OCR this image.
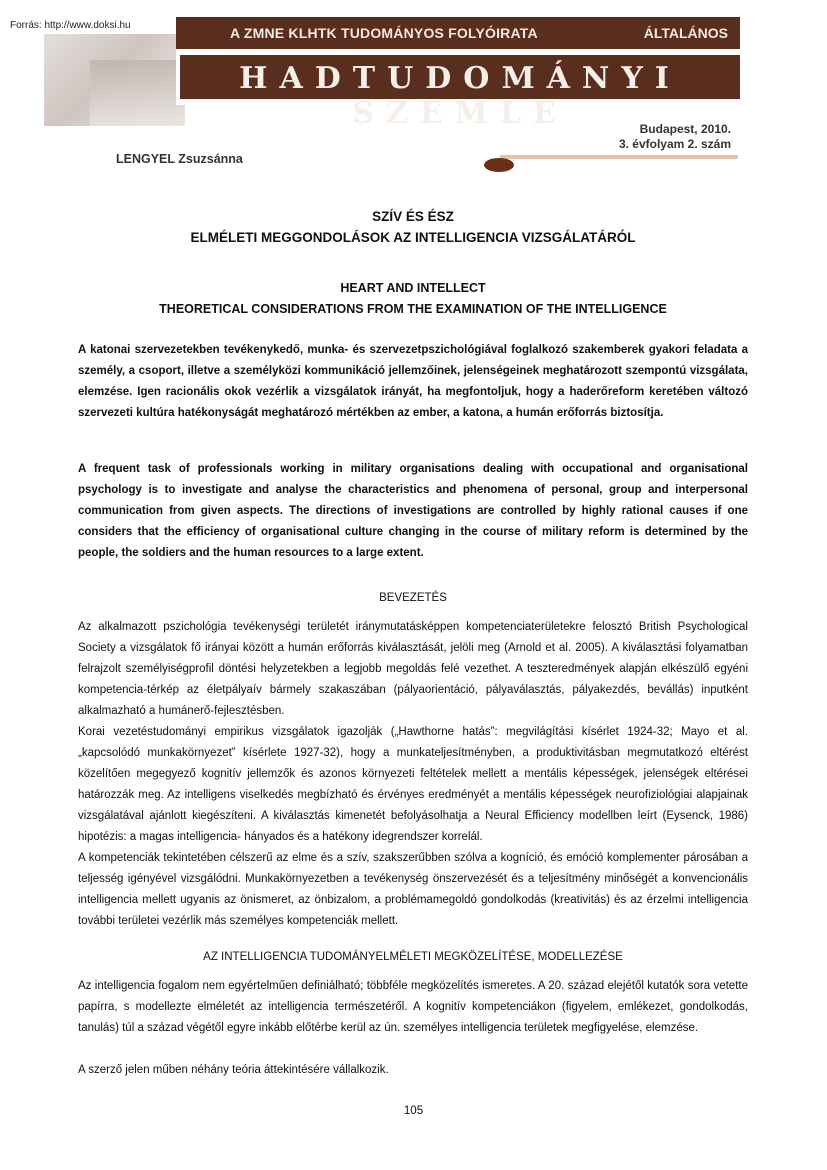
Forrás: http://www.doksi.hu	A ZMNE KLHTK TUDOMÁNYOS FOLYÓIRATA	ÁLTALÁNOS
HADTUDOMÁNYI SZEMLE	Budapest, 2010.
3. évfolyam 2. szám
LENGYEL Zsuzsánna
SZÍV ÉS ÉSZ
ELMÉLETI MEGGONDOLÁSOK AZ INTELLIGENCIA VIZSGÁLATÁRÓL
HEART AND INTELLECT
THEORETICAL CONSIDERATIONS FROM THE EXAMINATION OF THE INTELLIGENCE
A katonai szervezetekben tevékenykedő, munka- és szervezetpszichológiával foglalkozó szakemberek gyakori feladata a személy, a csoport, illetve a személyközi kommunikáció jellemzőinek, jelenségeinek meghatározott szempontú vizsgálata, elemzése. Igen racionális okok vezérlik a vizsgálatok irányát, ha megfontoljuk, hogy a haderőreform keretében változó szervezeti kultúra hatékonyságát meghatározó mértékben az ember, a katona, a humán erőforrás biztosítja.
A frequent task of professionals working in military organisations dealing with occupational and organisational psychology is to investigate and analyse the characteristics and phenomena of personal, group and interpersonal communication from given aspects. The directions of investigations are controlled by highly rational causes if one considers that the efficiency of organisational culture changing in the course of military reform is determined by the people, the soldiers and the human resources to a large extent.
BEVEZETÉS
Az alkalmazott pszichológia tevékenységi területét iránymutatásképpen kompetenciaterületekre felosztó British Psychological Society a vizsgálatok fő irányai között a humán erőforrás kiválasztását, jelöli meg (Arnold et al. 2005). A kiválasztási folyamatban felrajzolt személyiségprofil döntési helyzetekben a legjobb megoldás felé vezethet. A teszteredmények alapján elkészülő egyéni kompetencia-térkép az életpályaív bármely szakaszában (pályaorientáció, pályaválasztás, pályakezdés, bevállás) inputként alkalmazható a humánerő-fejlesztésben.
Korai vezetéstudományi empirikus vizsgálatok igazolják („Hawthorne hatás”: megvilágítási kísérlet 1924-32; Mayo et al. „kapcsolódó munkakörnyezet” kísérlete 1927-32), hogy a munkateljesítményben, a produktivitásban megmutatkozó eltérést közelítően megegyező kognitív jellemzők és azonos környezeti feltételek mellett a mentális képességek, jelenségek eltérései határozzák meg. Az intelligens viselkedés megbízható és érvényes eredményét a mentális képességek neurofiziológiai alapjainak vizsgálatával ajánlott kiegészíteni. A kiválasztás kimenetét befolyásolhatja a Neural Efficiency modellben leírt (Eysenck, 1986) hipotézis: a magas intelligencia- hányados és a hatékony idegrendszer korrelál.
A kompetenciák tekintetében célszerű az elme és a szív, szakszerűbben szólva a kogníció, és emóció komplementer párosában a teljesség igényével vizsgálódni. Munkakörnyezetben a tevékenység önszervezését és a teljesítmény minőségét a konvencionális intelligencia mellett ugyanis az önismeret, az önbizalom, a problémamegoldó gondolkodás (kreativitás) és az érzelmi intelligencia további területei vezérlik más személyes kompetenciák mellett.
AZ INTELLIGENCIA TUDOMÁNYELMÉLETI MEGKÖZELÍTÉSE, MODELLEZÉSE
Az intelligencia fogalom nem egyértelműen definiálható; többféle megközelítés ismeretes. A 20. század elejétől kutatók sora vetette papírra, s modellezte elméletét az intelligencia természetéről. A kognitív kompetenciákon (figyelem, emlékezet, gondolkodás, tanulás) túl a század végétől egyre inkább előtérbe kerül az ún. személyes intelligencia területek megfigyelése, elemzése.
A szerző jelen műben néhány teória áttekintésére vállalkozik.
105
